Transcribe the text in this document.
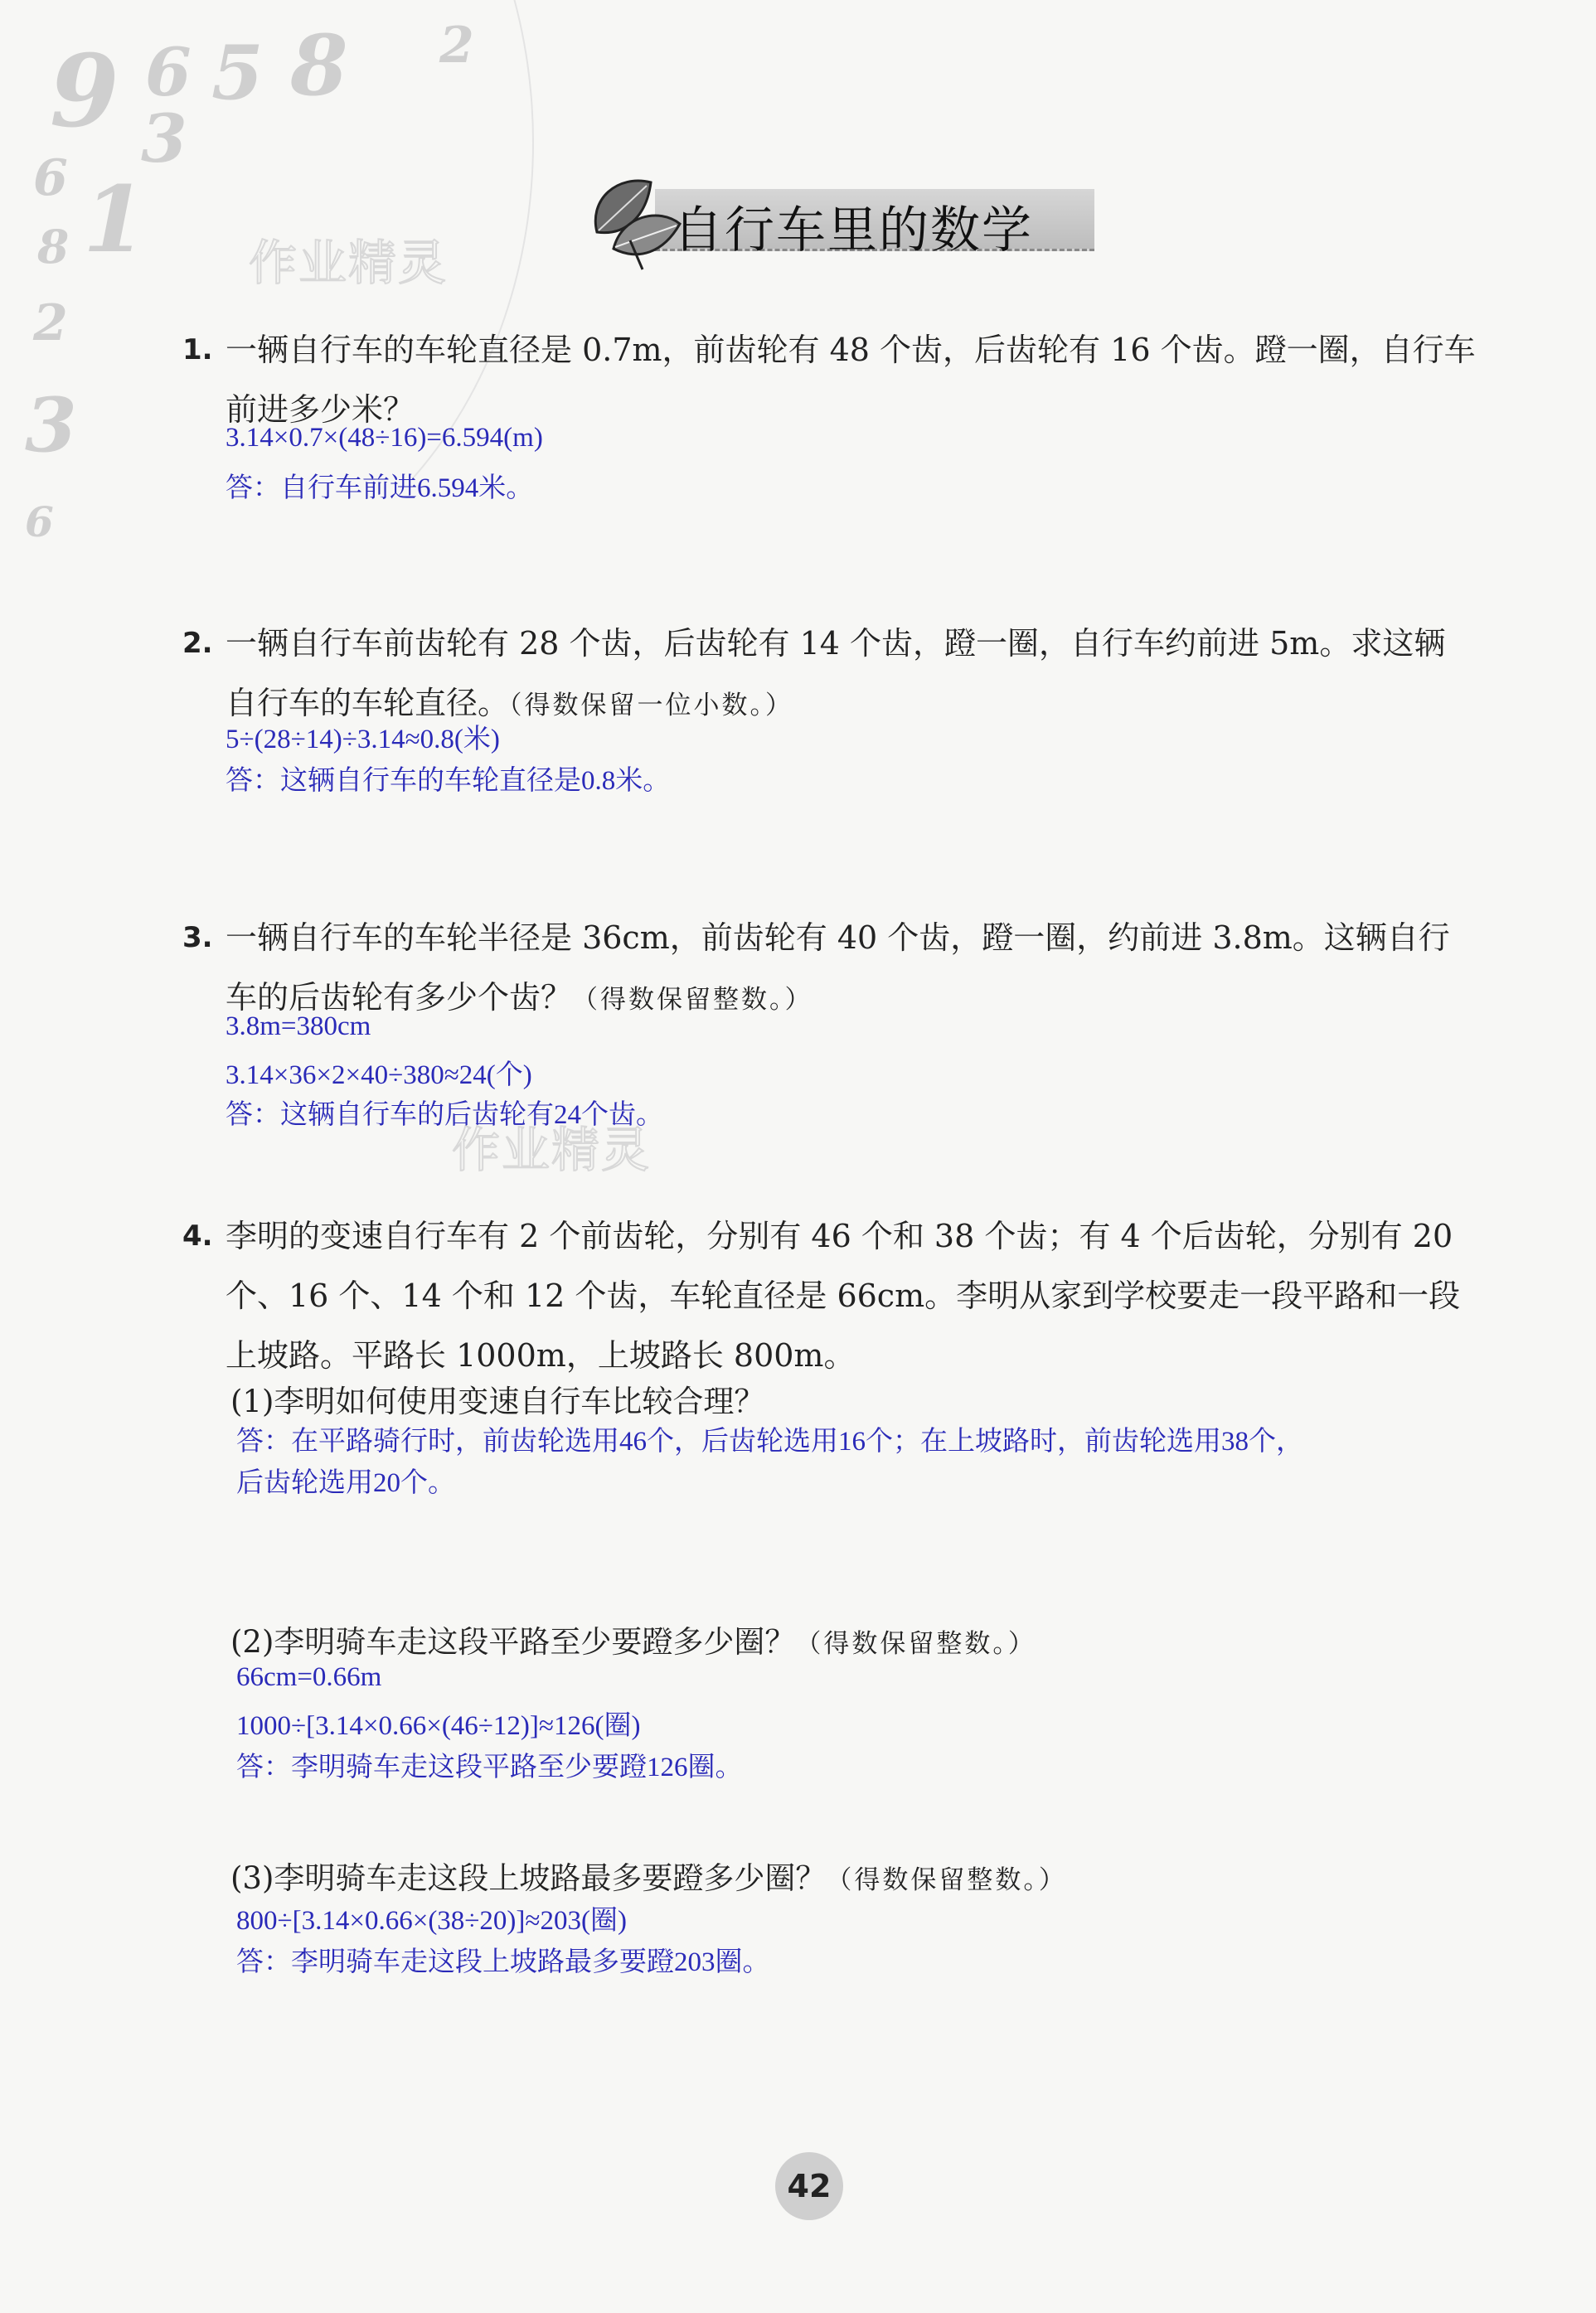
9 6 5 8 2
3
6 1
8
2
3
6
作业精灵
作业精灵
自行车里的数学
1. 一辆自行车的车轮直径是 0.7m，前齿轮有 48 个齿，后齿轮有 16 个齿。蹬一圈，自行车前进多少米？
3.14×0.7×(48÷16)=6.594(m)
答：自行车前进6.594米。
2. 一辆自行车前齿轮有 28 个齿，后齿轮有 14 个齿，蹬一圈，自行车约前进 5m。求这辆自行车的车轮直径。（得数保留一位小数。）
5÷(28÷14)÷3.14≈0.8(米)
答：这辆自行车的车轮直径是0.8米。
3. 一辆自行车的车轮半径是 36cm，前齿轮有 40 个齿，蹬一圈，约前进 3.8m。这辆自行车的后齿轮有多少个齿？（得数保留整数。）
3.8m=380cm
3.14×36×2×40÷380≈24(个)
答：这辆自行车的后齿轮有24个齿。
4. 李明的变速自行车有 2 个前齿轮，分别有 46 个和 38 个齿；有 4 个后齿轮，分别有 20 个、16 个、14 个和 12 个齿，车轮直径是 66cm。李明从家到学校要走一段平路和一段上坡路。平路长 1000m，上坡路长 800m。
(1)李明如何使用变速自行车比较合理？
答：在平路骑行时，前齿轮选用46个，后齿轮选用16个；在上坡路时，前齿轮选用38个，
后齿轮选用20个。
(2)李明骑车走这段平路至少要蹬多少圈？（得数保留整数。）
66cm=0.66m
1000÷[3.14×0.66×(46÷12)]≈126(圈)
答：李明骑车走这段平路至少要蹬126圈。
(3)李明骑车走这段上坡路最多要蹬多少圈？（得数保留整数。）
800÷[3.14×0.66×(38÷20)]≈203(圈)
答：李明骑车走这段上坡路最多要蹬203圈。
42
